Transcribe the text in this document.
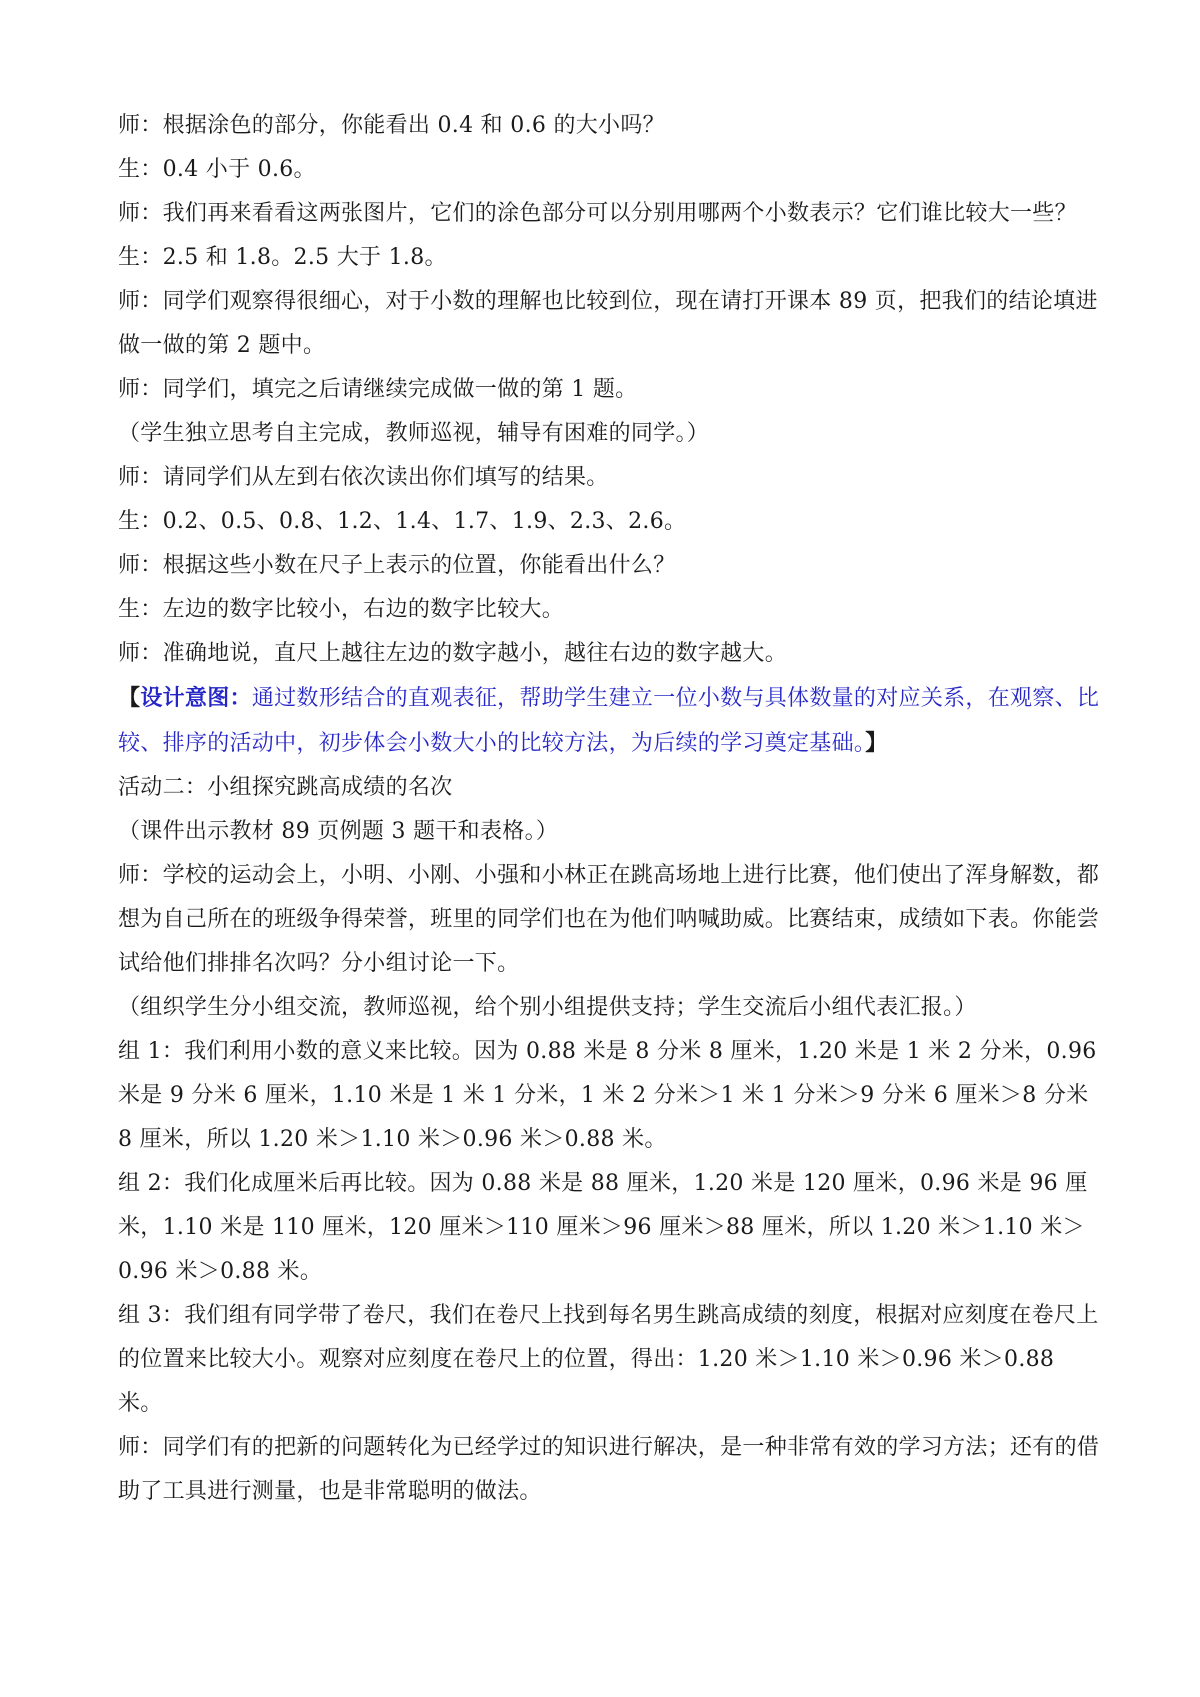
师：根据涂色的部分，你能看出 0.4 和 0.6 的大小吗？

生：0.4 小于 0.6。

师：我们再来看看这两张图片，它们的涂色部分可以分别用哪两个小数表示？它们谁比较大一些？

生：2.5 和 1.8。2.5 大于 1.8。

师：同学们观察得很细心，对于小数的理解也比较到位，现在请打开课本 89 页，把我们的结论填进做一做的第 2 题中。

师：同学们，填完之后请继续完成做一做的第 1 题。

（学生独立思考自主完成，教师巡视，辅导有困难的同学。）

师：请同学们从左到右依次读出你们填写的结果。

生：0.2、0.5、0.8、1.2、1.4、1.7、1.9、2.3、2.6。

师：根据这些小数在尺子上表示的位置，你能看出什么？

生：左边的数字比较小，右边的数字比较大。

师：准确地说，直尺上越往左边的数字越小，越往右边的数字越大。

【设计意图：通过数形结合的直观表征，帮助学生建立一位小数与具体数量的对应关系，在观察、比较、排序的活动中，初步体会小数大小的比较方法，为后续的学习奠定基础。】

活动二：小组探究跳高成绩的名次

（课件出示教材 89 页例题 3 题干和表格。）

师：学校的运动会上，小明、小刚、小强和小林正在跳高场地上进行比赛，他们使出了浑身解数，都想为自己所在的班级争得荣誉，班里的同学们也在为他们呐喊助威。比赛结束，成绩如下表。你能尝试给他们排排名次吗？分小组讨论一下。

（组织学生分小组交流，教师巡视，给个别小组提供支持；学生交流后小组代表汇报。）

组 1：我们利用小数的意义来比较。因为 0.88 米是 8 分米 8 厘米，1.20 米是 1 米 2 分米，0.96 米是 9 分米 6 厘米，1.10 米是 1 米 1 分米，1 米 2 分米＞1 米 1 分米＞9 分米 6 厘米＞8 分米 8 厘米，所以 1.20 米＞1.10 米＞0.96 米＞0.88 米。

组 2：我们化成厘米后再比较。因为 0.88 米是 88 厘米，1.20 米是 120 厘米，0.96 米是 96 厘米，1.10 米是 110 厘米，120 厘米＞110 厘米＞96 厘米＞88 厘米，所以 1.20 米＞1.10 米＞0.96 米＞0.88 米。

组 3：我们组有同学带了卷尺，我们在卷尺上找到每名男生跳高成绩的刻度，根据对应刻度在卷尺上的位置来比较大小。观察对应刻度在卷尺上的位置，得出：1.20 米＞1.10 米＞0.96 米＞0.88 米。

师：同学们有的把新的问题转化为已经学过的知识进行解决，是一种非常有效的学习方法；还有的借助了工具进行测量，也是非常聪明的做法。
